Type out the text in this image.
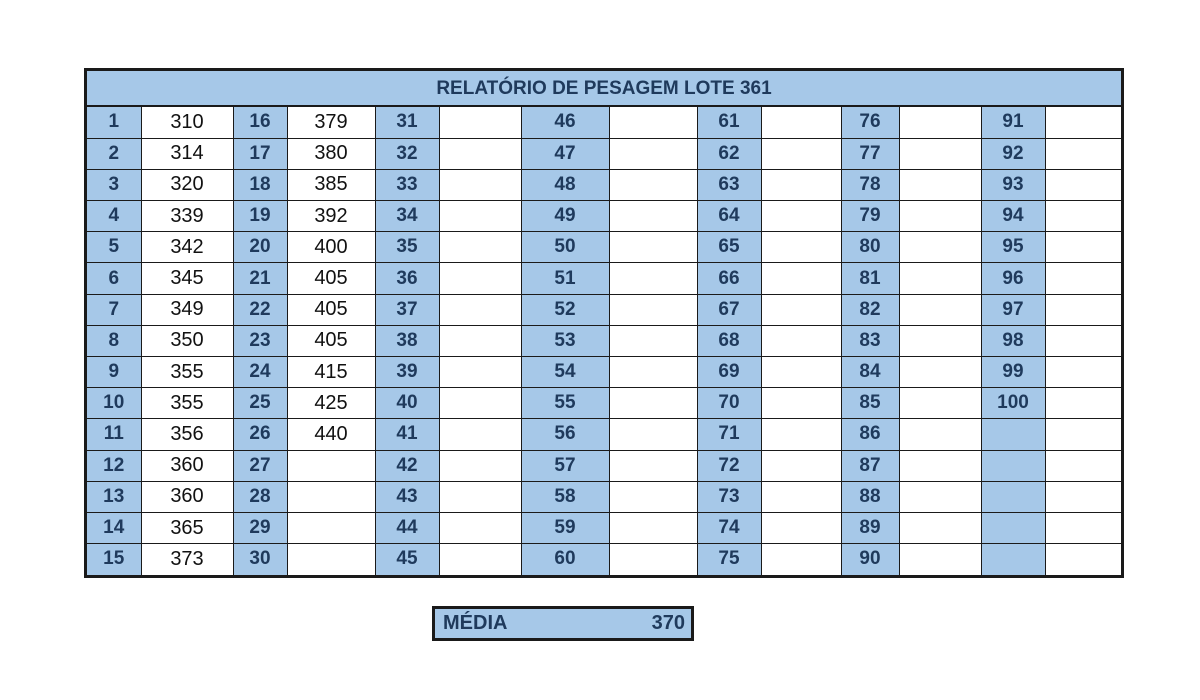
RELATÓRIO DE PESAGEM LOTE 361
1	310	16	379	31		46		61		76		91	
2	314	17	380	32		47		62		77		92	
3	320	18	385	33		48		63		78		93	
4	339	19	392	34		49		64		79		94	
5	342	20	400	35		50		65		80		95	
6	345	21	405	36		51		66		81		96	
7	349	22	405	37		52		67		82		97	
8	350	23	405	38		53		68		83		98	
9	355	24	415	39		54		69		84		99	
10	355	25	425	40		55		70		85		100	
11	356	26	440	41		56		71		86			
12	360	27		42		57		72		87			
13	360	28		43		58		73		88			
14	365	29		44		59		74		89			
15	373	30		45		60		75		90			
MÉDIA	370
